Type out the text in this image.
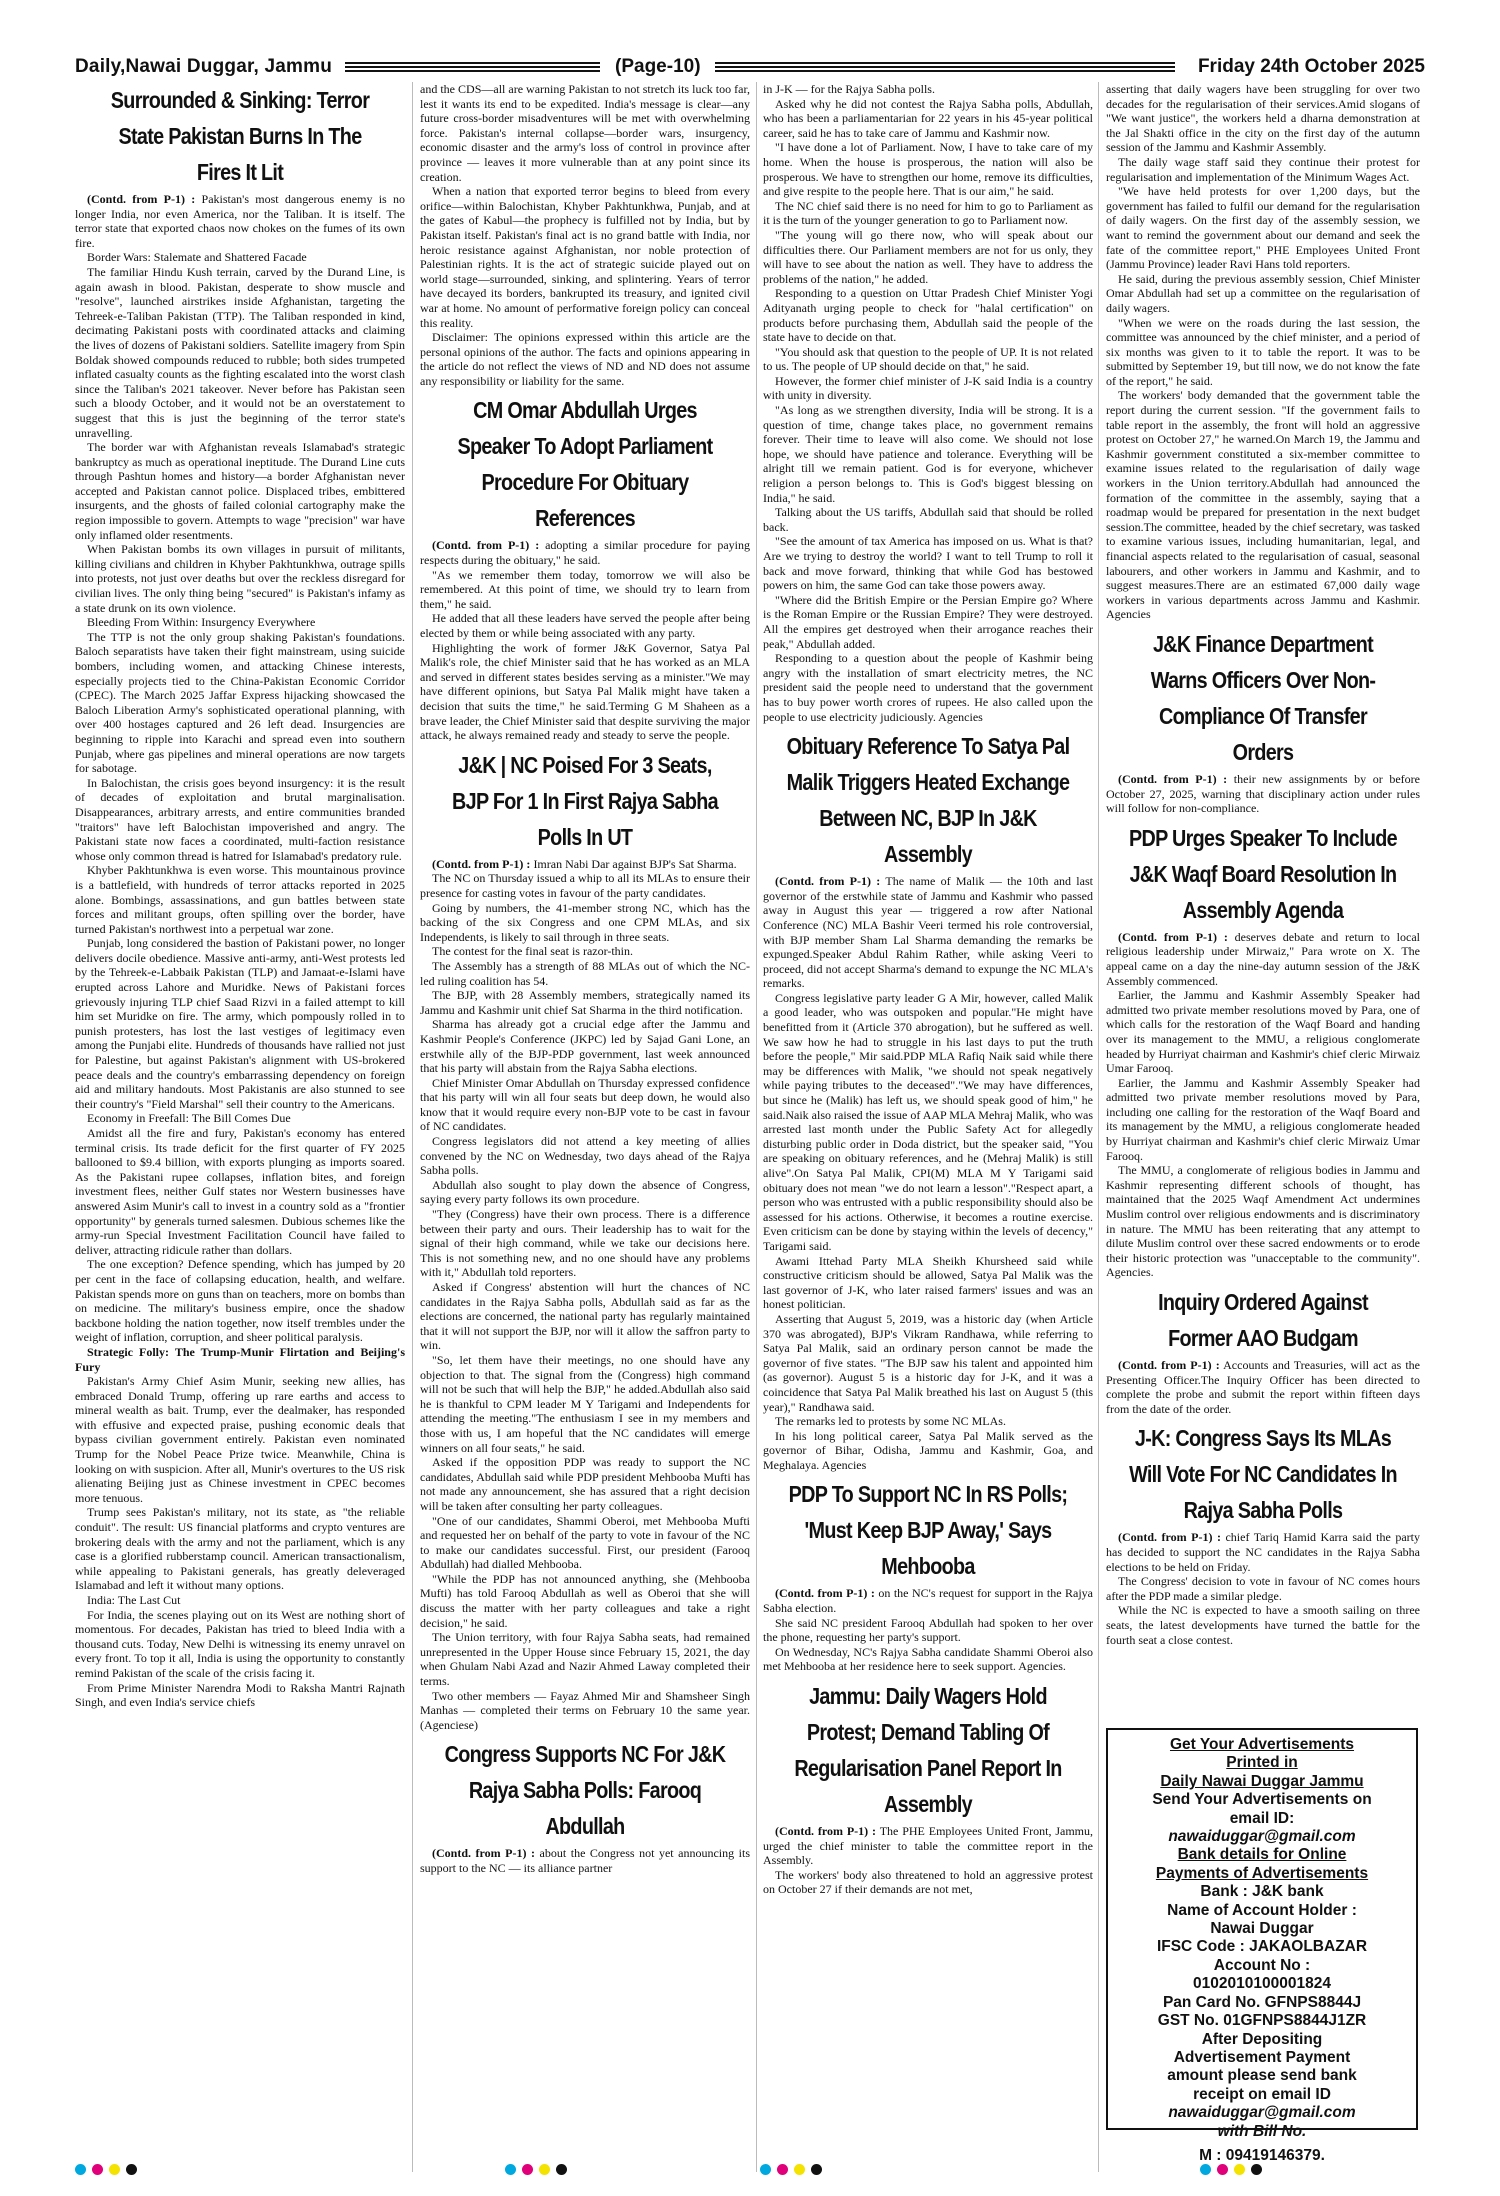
Daily,Nawai Duggar, Jammu	(Page-10)	Friday 24th October 2025
Surrounded & Sinking: Terror State Pakistan Burns In The Fires It Lit

(Contd. from P-1) : Pakistan's most dangerous enemy is no longer India, nor even America, nor the Taliban. It is itself. The terror state that exported chaos now chokes on the fumes of its own fire.

Border Wars: Stalemate and Shattered Facade

The familiar Hindu Kush terrain, carved by the Durand Line, is again awash in blood. Pakistan, desperate to show muscle and "resolve", launched airstrikes inside Afghanistan, targeting the Tehreek-e-Taliban Pakistan (TTP). The Taliban responded in kind, decimating Pakistani posts with coordinated attacks and claiming the lives of dozens of Pakistani soldiers. Satellite imagery from Spin Boldak showed compounds reduced to rubble; both sides trumpeted inflated casualty counts as the fighting escalated into the worst clash since the Taliban's 2021 takeover. Never before has Pakistan seen such a bloody October, and it would not be an overstatement to suggest that this is just the beginning of the terror state's unravelling.

The border war with Afghanistan reveals Islamabad's strategic bankruptcy as much as operational ineptitude. The Durand Line cuts through Pashtun homes and history—a border Afghanistan never accepted and Pakistan cannot police. Displaced tribes, embittered insurgents, and the ghosts of failed colonial cartography make the region impossible to govern. Attempts to wage "precision" war have only inflamed older resentments.

When Pakistan bombs its own villages in pursuit of militants, killing civilians and children in Khyber Pakhtunkhwa, outrage spills into protests, not just over deaths but over the reckless disregard for civilian lives. The only thing being "secured" is Pakistan's infamy as a state drunk on its own violence.

Bleeding From Within: Insurgency Everywhere

The TTP is not the only group shaking Pakistan's foundations. Baloch separatists have taken their fight mainstream, using suicide bombers, including women, and attacking Chinese interests, especially projects tied to the China-Pakistan Economic Corridor (CPEC). The March 2025 Jaffar Express hijacking showcased the Baloch Liberation Army's sophisticated operational planning, with over 400 hostages captured and 26 left dead. Insurgencies are beginning to ripple into Karachi and spread even into southern Punjab, where gas pipelines and mineral operations are now targets for sabotage.

In Balochistan, the crisis goes beyond insurgency: it is the result of decades of exploitation and brutal marginalisation. Disappearances, arbitrary arrests, and entire communities branded "traitors" have left Balochistan impoverished and angry. The Pakistani state now faces a coordinated, multi-faction resistance whose only common thread is hatred for Islamabad's predatory rule.

Khyber Pakhtunkhwa is even worse. This mountainous province is a battlefield, with hundreds of terror attacks reported in 2025 alone. Bombings, assassinations, and gun battles between state forces and militant groups, often spilling over the border, have turned Pakistan's northwest into a perpetual war zone.

Punjab, long considered the bastion of Pakistani power, no longer delivers docile obedience. Massive anti-army, anti-West protests led by the Tehreek-e-Labbaik Pakistan (TLP) and Jamaat-e-Islami have erupted across Lahore and Muridke. News of Pakistani forces grievously injuring TLP chief Saad Rizvi in a failed attempt to kill him set Muridke on fire. The army, which pompously rolled in to punish protesters, has lost the last vestiges of legitimacy even among the Punjabi elite. Hundreds of thousands have rallied not just for Palestine, but against Pakistan's alignment with US-brokered peace deals and the country's embarrassing dependency on foreign aid and military handouts. Most Pakistanis are also stunned to see their country's "Field Marshal" sell their country to the Americans.

Economy in Freefall: The Bill Comes Due

Amidst all the fire and fury, Pakistan's economy has entered terminal crisis. Its trade deficit for the first quarter of FY 2025 ballooned to $9.4 billion, with exports plunging as imports soared. As the Pakistani rupee collapses, inflation bites, and foreign investment flees, neither Gulf states nor Western businesses have answered Asim Munir's call to invest in a country sold as a "frontier opportunity" by generals turned salesmen. Dubious schemes like the army-run Special Investment Facilitation Council have failed to deliver, attracting ridicule rather than dollars.

The one exception? Defence spending, which has jumped by 20 per cent in the face of collapsing education, health, and welfare. Pakistan spends more on guns than on teachers, more on bombs than on medicine. The military's business empire, once the shadow backbone holding the nation together, now itself trembles under the weight of inflation, corruption, and sheer political paralysis.

Strategic Folly: The Trump-Munir Flirtation and Beijing's Fury

Pakistan's Army Chief Asim Munir, seeking new allies, has embraced Donald Trump, offering up rare earths and access to mineral wealth as bait. Trump, ever the dealmaker, has responded with effusive and expected praise, pushing economic deals that bypass civilian government entirely. Pakistan even nominated Trump for the Nobel Peace Prize twice. Meanwhile, China is looking on with suspicion. After all, Munir's overtures to the US risk alienating Beijing just as Chinese investment in CPEC becomes more tenuous.

Trump sees Pakistan's military, not its state, as "the reliable conduit". The result: US financial platforms and crypto ventures are brokering deals with the army and not the parliament, which is any case is a glorified rubberstamp council. American transactionalism, while appealing to Pakistani generals, has greatly deleveraged Islamabad and left it without many options.

India: The Last Cut

For India, the scenes playing out on its West are nothing short of momentous. For decades, Pakistan has tried to bleed India with a thousand cuts. Today, New Delhi is witnessing its enemy unravel on every front. To top it all, India is using the opportunity to constantly remind Pakistan of the scale of the crisis facing it.

From Prime Minister Narendra Modi to Raksha Mantri Rajnath Singh, and even India's service chiefs

and the CDS—all are warning Pakistan to not stretch its luck too far, lest it wants its end to be expedited. India's message is clear—any future cross-border misadventures will be met with overwhelming force. Pakistan's internal collapse—border wars, insurgency, economic disaster and the army's loss of control in province after province — leaves it more vulnerable than at any point since its creation.

When a nation that exported terror begins to bleed from every orifice—within Balochistan, Khyber Pakhtunkhwa, Punjab, and at the gates of Kabul—the prophecy is fulfilled not by India, but by Pakistan itself. Pakistan's final act is no grand battle with India, nor heroic resistance against Afghanistan, nor noble protection of Palestinian rights. It is the act of strategic suicide played out on world stage—surrounded, sinking, and splintering. Years of terror have decayed its borders, bankrupted its treasury, and ignited civil war at home. No amount of performative foreign policy can conceal this reality.

Disclaimer: The opinions expressed within this article are the personal opinions of the author. The facts and opinions appearing in the article do not reflect the views of ND and ND does not assume any responsibility or liability for the same.

CM Omar Abdullah Urges Speaker To Adopt Parliament Procedure For Obituary References

(Contd. from P-1) : adopting a similar procedure for paying respects during the obituary," he said.

"As we remember them today, tomorrow we will also be remembered. At this point of time, we should try to learn from them," he said.

He added that all these leaders have served the people after being elected by them or while being associated with any party.

Highlighting the work of former J&K Governor, Satya Pal Malik's role, the chief Minister said that he has worked as an MLA and served in different states besides serving as a minister."We may have different opinions, but Satya Pal Malik might have taken a decision that suits the time," he said.Terming G M Shaheen as a brave leader, the Chief Minister said that despite surviving the major attack, he always remained ready and steady to serve the people.

J&K | NC Poised For 3 Seats, BJP For 1 In First Rajya Sabha Polls In UT

(Contd. from P-1) : Imran Nabi Dar against BJP's Sat Sharma.

The NC on Thursday issued a whip to all its MLAs to ensure their presence for casting votes in favour of the party candidates.

Going by numbers, the 41-member strong NC, which has the backing of the six Congress and one CPM MLAs, and six Independents, is likely to sail through in three seats.

The contest for the final seat is razor-thin.

The Assembly has a strength of 88 MLAs out of which the NC-led ruling coalition has 54.

The BJP, with 28 Assembly members, strategically named its Jammu and Kashmir unit chief Sat Sharma in the third notification.

Sharma has already got a crucial edge after the Jammu and Kashmir People's Conference (JKPC) led by Sajad Gani Lone, an erstwhile ally of the BJP-PDP government, last week announced that his party will abstain from the Rajya Sabha elections.

Chief Minister Omar Abdullah on Thursday expressed confidence that his party will win all four seats but deep down, he would also know that it would require every non-BJP vote to be cast in favour of NC candidates.

Congress legislators did not attend a key meeting of allies convened by the NC on Wednesday, two days ahead of the Rajya Sabha polls.

Abdullah also sought to play down the absence of Congress, saying every party follows its own procedure.

"They (Congress) have their own process. There is a difference between their party and ours. Their leadership has to wait for the signal of their high command, while we take our decisions here. This is not something new, and no one should have any problems with it," Abdullah told reporters.

Asked if Congress' abstention will hurt the chances of NC candidates in the Rajya Sabha polls, Abdullah said as far as the elections are concerned, the national party has regularly maintained that it will not support the BJP, nor will it allow the saffron party to win.

"So, let them have their meetings, no one should have any objection to that. The signal from the (Congress) high command will not be such that will help the BJP," he added.Abdullah also said he is thankful to CPM leader M Y Tarigami and Independents for attending the meeting."The enthusiasm I see in my members and those with us, I am hopeful that the NC candidates will emerge winners on all four seats," he said.

Asked if the opposition PDP was ready to support the NC candidates, Abdullah said while PDP president Mehbooba Mufti has not made any announcement, she has assured that a right decision will be taken after consulting her party colleagues.

"One of our candidates, Shammi Oberoi, met Mehbooba Mufti and requested her on behalf of the party to vote in favour of the NC to make our candidates successful. First, our president (Farooq Abdullah) had dialled Mehbooba.

"While the PDP has not announced anything, she (Mehbooba Mufti) has told Farooq Abdullah as well as Oberoi that she will discuss the matter with her party colleagues and take a right decision," he said.

The Union territory, with four Rajya Sabha seats, had remained unrepresented in the Upper House since February 15, 2021, the day when Ghulam Nabi Azad and Nazir Ahmed Laway completed their terms.

Two other members — Fayaz Ahmed Mir and Shamsheer Singh Manhas — completed their terms on February 10 the same year. (Agenciese)

Congress Supports NC For J&K Rajya Sabha Polls: Farooq Abdullah

(Contd. from P-1) : about the Congress not yet announcing its support to the NC — its alliance partner

in J-K — for the Rajya Sabha polls.

Asked why he did not contest the Rajya Sabha polls, Abdullah, who has been a parliamentarian for 22 years in his 45-year political career, said he has to take care of Jammu and Kashmir now.

"I have done a lot of Parliament. Now, I have to take care of my home. When the house is prosperous, the nation will also be prosperous. We have to strengthen our home, remove its difficulties, and give respite to the people here. That is our aim," he said.

The NC chief said there is no need for him to go to Parliament as it is the turn of the younger generation to go to Parliament now.

"The young will go there now, who will speak about our difficulties there. Our Parliament members are not for us only, they will have to see about the nation as well. They have to address the problems of the nation," he added.

Responding to a question on Uttar Pradesh Chief Minister Yogi Adityanath urging people to check for "halal certification" on products before purchasing them, Abdullah said the people of the state have to decide on that.

"You should ask that question to the people of UP. It is not related to us. The people of UP should decide on that," he said.

However, the former chief minister of J-K said India is a country with unity in diversity.

"As long as we strengthen diversity, India will be strong. It is a question of time, change takes place, no government remains forever. Their time to leave will also come. We should not lose hope, we should have patience and tolerance. Everything will be alright till we remain patient. God is for everyone, whichever religion a person belongs to. This is God's biggest blessing on India," he said.

Talking about the US tariffs, Abdullah said that should be rolled back.

"See the amount of tax America has imposed on us. What is that? Are we trying to destroy the world? I want to tell Trump to roll it back and move forward, thinking that while God has bestowed powers on him, the same God can take those powers away.

"Where did the British Empire or the Persian Empire go? Where is the Roman Empire or the Russian Empire? They were destroyed. All the empires get destroyed when their arrogance reaches their peak," Abdullah added.

Responding to a question about the people of Kashmir being angry with the installation of smart electricity metres, the NC president said the people need to understand that the government has to buy power worth crores of rupees. He also called upon the people to use electricity judiciously. Agencies

Obituary Reference To Satya Pal Malik Triggers Heated Exchange Between NC, BJP In J&K Assembly

(Contd. from P-1) : The name of Malik — the 10th and last governor of the erstwhile state of Jammu and Kashmir who passed away in August this year — triggered a row after National Conference (NC) MLA Bashir Veeri termed his role controversial, with BJP member Sham Lal Sharma demanding the remarks be expunged.Speaker Abdul Rahim Rather, while asking Veeri to proceed, did not accept Sharma's demand to expunge the NC MLA's remarks.

Congress legislative party leader G A Mir, however, called Malik a good leader, who was outspoken and popular."He might have benefitted from it (Article 370 abrogation), but he suffered as well. We saw how he had to struggle in his last days to put the truth before the people," Mir said.PDP MLA Rafiq Naik said while there may be differences with Malik, "we should not speak negatively while paying tributes to the deceased"."We may have differences, but since he (Malik) has left us, we should speak good of him," he said.Naik also raised the issue of AAP MLA Mehraj Malik, who was arrested last month under the Public Safety Act for allegedly disturbing public order in Doda district, but the speaker said, "You are speaking on obituary references, and he (Mehraj Malik) is still alive".On Satya Pal Malik, CPI(M) MLA M Y Tarigami said obituary does not mean "we do not learn a lesson"."Respect apart, a person who was entrusted with a public responsibility should also be assessed for his actions. Otherwise, it becomes a routine exercise. Even criticism can be done by staying within the levels of decency," Tarigami said.

Awami Ittehad Party MLA Sheikh Khursheed said while constructive criticism should be allowed, Satya Pal Malik was the last governor of J-K, who later raised farmers' issues and was an honest politician.

Asserting that August 5, 2019, was a historic day (when Article 370 was abrogated), BJP's Vikram Randhawa, while referring to Satya Pal Malik, said an ordinary person cannot be made the governor of five states. "The BJP saw his talent and appointed him (as governor). August 5 is a historic day for J-K, and it was a coincidence that Satya Pal Malik breathed his last on August 5 (this year)," Randhawa said.

The remarks led to protests by some NC MLAs.

In his long political career, Satya Pal Malik served as the governor of Bihar, Odisha, Jammu and Kashmir, Goa, and Meghalaya. Agencies

PDP To Support NC In RS Polls; 'Must Keep BJP Away,' Says Mehbooba

(Contd. from P-1) : on the NC's request for support in the Rajya Sabha election.

She said NC president Farooq Abdullah had spoken to her over the phone, requesting her party's support.

On Wednesday, NC's Rajya Sabha candidate Shammi Oberoi also met Mehbooba at her residence here to seek support. Agencies.

Jammu: Daily Wagers Hold Protest; Demand Tabling Of Regularisation Panel Report In Assembly

(Contd. from P-1) : The PHE Employees United Front, Jammu, urged the chief minister to table the committee report in the Assembly.

The workers' body also threatened to hold an aggressive protest on October 27 if their demands are not met,

asserting that daily wagers have been struggling for over two decades for the regularisation of their services.Amid slogans of "We want justice", the workers held a dharna demonstration at the Jal Shakti office in the city on the first day of the autumn session of the Jammu and Kashmir Assembly.

The daily wage staff said they continue their protest for regularisation and implementation of the Minimum Wages Act.

"We have held protests for over 1,200 days, but the government has failed to fulfil our demand for the regularisation of daily wagers. On the first day of the assembly session, we want to remind the government about our demand and seek the fate of the committee report," PHE Employees United Front (Jammu Province) leader Ravi Hans told reporters.

He said, during the previous assembly session, Chief Minister Omar Abdullah had set up a committee on the regularisation of daily wagers.

"When we were on the roads during the last session, the committee was announced by the chief minister, and a period of six months was given to it to table the report. It was to be submitted by September 19, but till now, we do not know the fate of the report," he said.

The workers' body demanded that the government table the report during the current session. "If the government fails to table report in the assembly, the front will hold an aggressive protest on October 27," he warned.On March 19, the Jammu and Kashmir government constituted a six-member committee to examine issues related to the regularisation of daily wage workers in the Union territory.Abdullah had announced the formation of the committee in the assembly, saying that a roadmap would be prepared for presentation in the next budget session.The committee, headed by the chief secretary, was tasked to examine various issues, including humanitarian, legal, and financial aspects related to the regularisation of casual, seasonal labourers, and other workers in Jammu and Kashmir, and to suggest measures.There are an estimated 67,000 daily wage workers in various departments across Jammu and Kashmir. Agencies

J&K Finance Department Warns Officers Over Non-Compliance Of Transfer Orders

(Contd. from P-1) : their new assignments by or before October 27, 2025, warning that disciplinary action under rules will follow for non-compliance.

PDP Urges Speaker To Include J&K Waqf Board Resolution In Assembly Agenda

(Contd. from P-1) : deserves debate and return to local religious leadership under Mirwaiz," Para wrote on X. The appeal came on a day the nine-day autumn session of the J&K Assembly commenced.

Earlier, the Jammu and Kashmir Assembly Speaker had admitted two private member resolutions moved by Para, one of which calls for the restoration of the Waqf Board and handing over its management to the MMU, a religious conglomerate headed by Hurriyat chairman and Kashmir's chief cleric Mirwaiz Umar Farooq.

Earlier, the Jammu and Kashmir Assembly Speaker had admitted two private member resolutions moved by Para, including one calling for the restoration of the Waqf Board and its management by the MMU, a religious conglomerate headed by Hurriyat chairman and Kashmir's chief cleric Mirwaiz Umar Farooq.

The MMU, a conglomerate of religious bodies in Jammu and Kashmir representing different schools of thought, has maintained that the 2025 Waqf Amendment Act undermines Muslim control over religious endowments and is discriminatory in nature. The MMU has been reiterating that any attempt to dilute Muslim control over these sacred endowments or to erode their historic protection was "unacceptable to the community". Agencies.

Inquiry Ordered Against Former AAO Budgam

(Contd. from P-1) : Accounts and Treasuries, will act as the Presenting Officer.The Inquiry Officer has been directed to complete the probe and submit the report within fifteen days from the date of the order.

J-K: Congress Says Its MLAs Will Vote For NC Candidates In Rajya Sabha Polls

(Contd. from P-1) : chief Tariq Hamid Karra said the party has decided to support the NC candidates in the Rajya Sabha elections to be held on Friday.

The Congress' decision to vote in favour of NC comes hours after the PDP made a similar pledge.

While the NC is expected to have a smooth sailing on three seats, the latest developments have turned the battle for the fourth seat a close contest.

Get Your Advertisements
Printed in
Daily Nawai Duggar Jammu
Send Your Advertisements on
email ID:
nawaiduggar@gmail.com
Bank details for Online
Payments of Advertisements
Bank : J&K bank
Name of Account Holder :
Nawai Duggar
IFSC Code : JAKAOLBAZAR
Account No :
0102010100001824
Pan Card No. GFNPS8844J
GST No. 01GFNPS8844J1ZR
After Depositing
Advertisement Payment
amount please send bank
receipt on email ID
nawaiduggar@gmail.com
with Bill No.
M : 09419146379.
